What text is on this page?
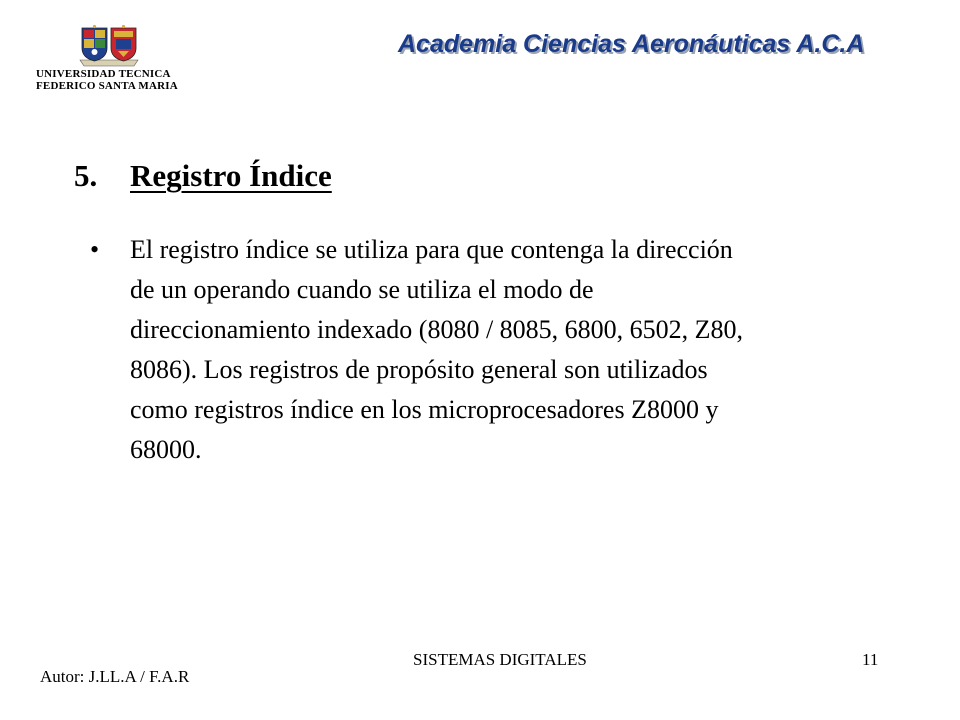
UNIVERSIDAD TECNICA
FEDERICO SANTA MARIA
Academia Ciencias Aeronáuticas A.C.A
5. Registro Índice
• El registro índice se utiliza para que contenga la dirección
de un operando cuando se utiliza el modo de
direccionamiento indexado (8080 / 8085, 6800, 6502, Z80,
8086). Los registros de propósito general son utilizados
como registros índice en los microprocesadores Z8000 y
68000.
Autor: J.LL.A / F.A.R
SISTEMAS DIGITALES	11
